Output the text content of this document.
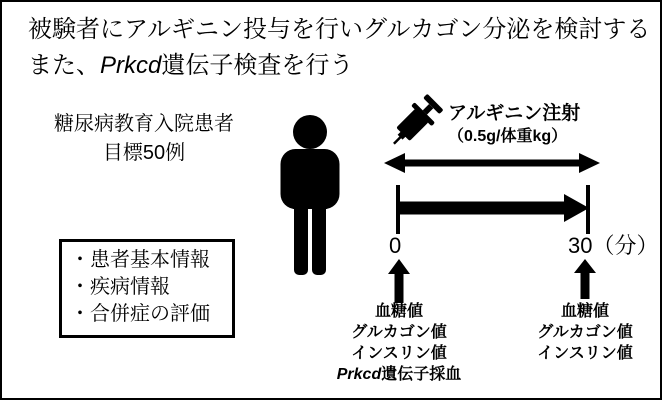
被験者にアルギニン投与を行いグルカゴン分泌を検討する
また、Prkcd遺伝子検査を行う
糖尿病教育入院患者
目標50例
・患者基本情報
・疾病情報
・合併症の評価
アルギニン注射
（0.5g/体重kg）
0	30（分）
血糖値
グルカゴン値
インスリン値
Prkcd遺伝子採血
血糖値
グルカゴン値
インスリン値
